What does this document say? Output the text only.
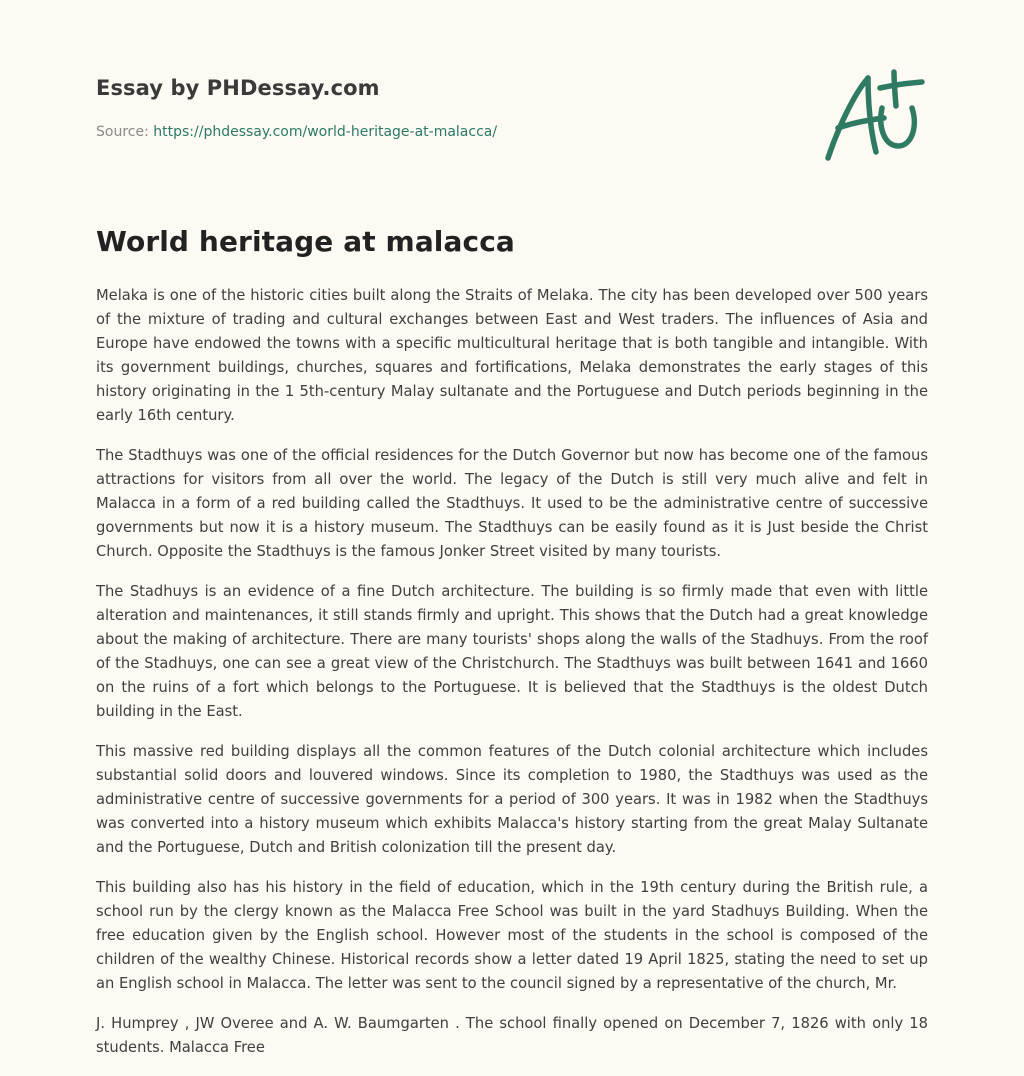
Essay by PHDessay.com
Source: https://phdessay.com/world-heritage-at-malacca/
World heritage at malacca

Melaka is one of the historic cities built along the Straits of Melaka. The city has been developed over 500 years of the mixture of trading and cultural exchanges between East and West traders. The influences of Asia and Europe have endowed the towns with a specific multicultural heritage that is both tangible and intangible. With its government buildings, churches, squares and fortifications, Melaka demonstrates the early stages of this history originating in the 1 5th-century Malay sultanate and the Portuguese and Dutch periods beginning in the early 16th century.

The Stadthuys was one of the official residences for the Dutch Governor but now has become one of the famous attractions for visitors from all over the world. The legacy of the Dutch is still very much alive and felt in Malacca in a form of a red building called the Stadthuys. It used to be the administrative centre of successive governments but now it is a history museum. The Stadthuys can be easily found as it is Just beside the Christ Church. Opposite the Stadthuys is the famous Jonker Street visited by many tourists.

The Stadhuys is an evidence of a fine Dutch architecture. The building is so firmly made that even with little alteration and maintenances, it still stands firmly and upright. This shows that the Dutch had a great knowledge about the making of architecture. There are many tourists' shops along the walls of the Stadhuys. From the roof of the Stadhuys, one can see a great view of the Christchurch. The Stadthuys was built between 1641 and 1660 on the ruins of a fort which belongs to the Portuguese. It is believed that the Stadthuys is the oldest Dutch building in the East.

This massive red building displays all the common features of the Dutch colonial architecture which includes substantial solid doors and louvered windows. Since its completion to 1980, the Stadthuys was used as the administrative centre of successive governments for a period of 300 years. It was in 1982 when the Stadthuys was converted into a history museum which exhibits Malacca's history starting from the great Malay Sultanate and the Portuguese, Dutch and British colonization till the present day.

This building also has his history in the field of education, which in the 19th century during the British rule, a school run by the clergy known as the Malacca Free School was built in the yard Stadhuys Building. When the free education given by the English school. However most of the students in the school is composed of the children of the wealthy Chinese. Historical records show a letter dated 19 April 1825, stating the need to set up an English school in Malacca. The letter was sent to the council signed by a representative of the church, Mr.

J. Humprey , JW Overee and A. W. Baumgarten . The school finally opened on December 7, 1826 with only 18 students. Malacca Free
